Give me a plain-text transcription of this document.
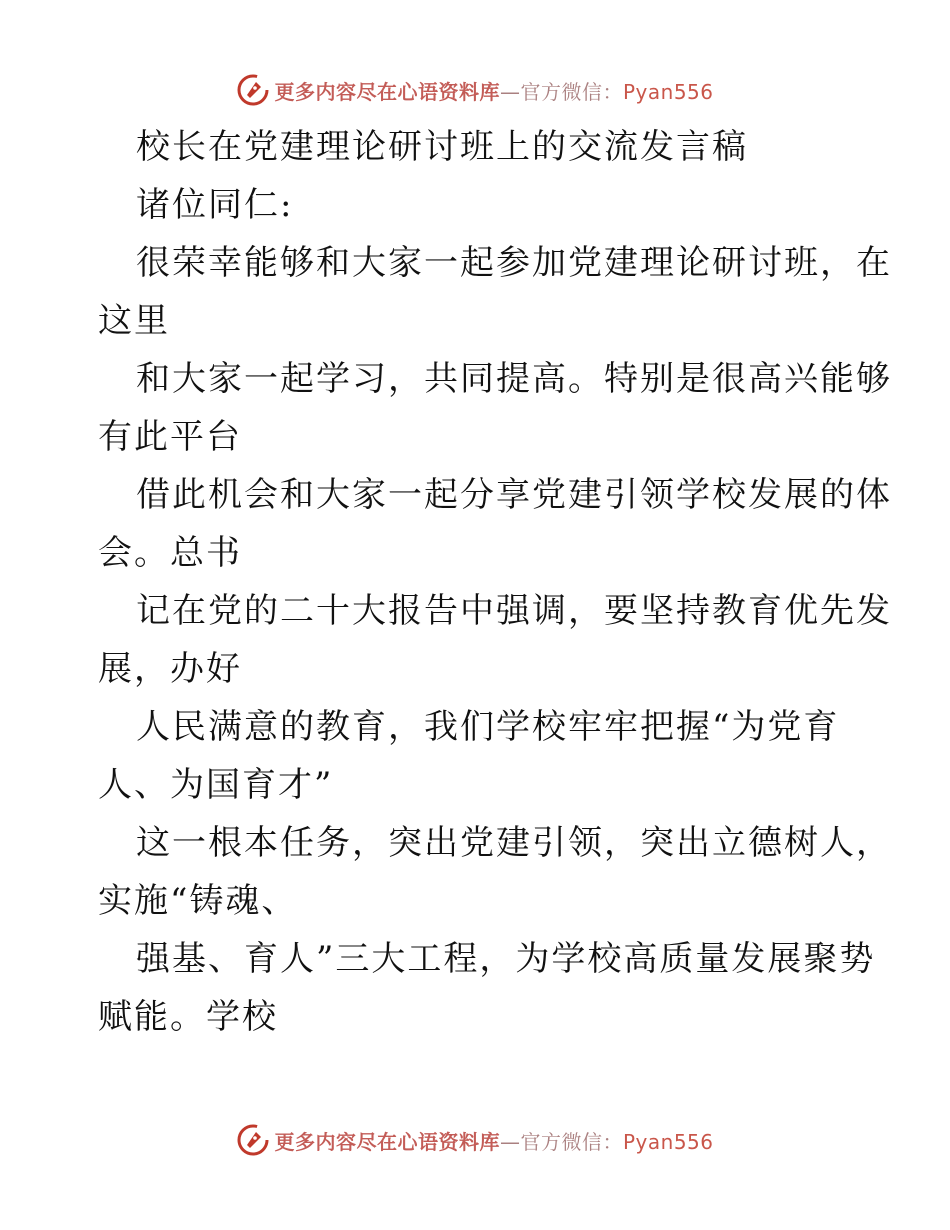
更多内容尽在心语资料库—官方微信：Pyan556
校长在党建理论研讨班上的交流发言稿
诸位同仁:
很荣幸能够和大家一起参加党建理论研讨班，在
这里
和大家一起学习，共同提高。特别是很高兴能够
有此平台
借此机会和大家一起分享党建引领学校发展的体
会。总书
记在党的二十大报告中强调，要坚持教育优先发
展，办好
人民满意的教育，我们学校牢牢把握“为党育
人、为国育才”
这一根本任务，突出党建引领，突出立德树人，
实施“铸魂、
强基、育人”三大工程，为学校高质量发展聚势
赋能。学校
更多内容尽在心语资料库—官方微信：Pyan556
